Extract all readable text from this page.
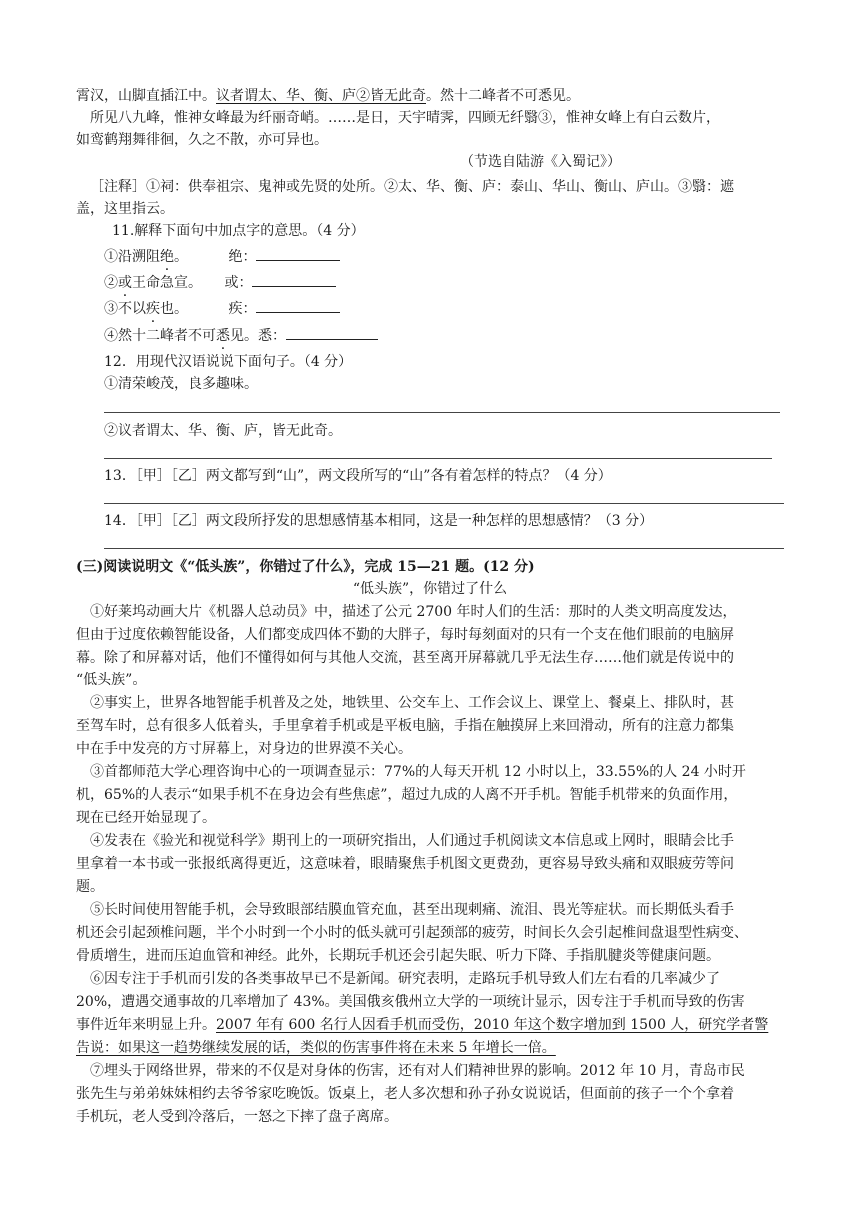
霄汉，山脚直插江中。议者谓太、华、衡、庐②皆无此奇。然十二峰者不可悉见。
所见八九峰，惟神女峰最为纤丽奇峭。……是日，天宇晴霁，四顾无纤翳③，惟神女峰上有白云数片，
如鸾鹤翔舞徘徊，久之不散，亦可异也。
（节选自陆游《入蜀记》）
［注释］①祠：供奉祖宗、鬼神或先贤的处所。②太、华、衡、庐：泰山、华山、衡山、庐山。③翳：遮
盖，这里指云。
11.解释下面句中加点字的意思。（4 分）
①沿溯阻绝。	绝：
②或王命急宣。 或：
③不以疾也。	疾：
④然十二峰者不可悉见。悉：
12．用现代汉语说说下面句子。（4 分）
①清荣峻茂，良多趣味。
②议者谓太、华、衡、庐，皆无此奇。
13．［甲］［乙］两文都写到“山”，两文段所写的“山”各有着怎样的特点？（4 分）
14．［甲］［乙］两文段所抒发的思想感情基本相同，这是一种怎样的思想感情？（3 分）
(三)阅读说明文《“低头族”，你错过了什么》，完成 15—21 题。(12 分)
“低头族”，你错过了什么
①好莱坞动画大片《机器人总动员》中，描述了公元 2700 年时人们的生活：那时的人类文明高度发达，
但由于过度依赖智能设备，人们都变成四体不勤的大胖子，每时每刻面对的只有一个支在他们眼前的电脑屏
幕。除了和屏幕对话，他们不懂得如何与其他人交流，甚至离开屏幕就几乎无法生存……他们就是传说中的
“低头族”。
②事实上，世界各地智能手机普及之处，地铁里、公交车上、工作会议上、课堂上、餐桌上、排队时，甚
至驾车时，总有很多人低着头，手里拿着手机或是平板电脑，手指在触摸屏上来回滑动，所有的注意力都集
中在手中发亮的方寸屏幕上，对身边的世界漠不关心。
③首都师范大学心理咨询中心的一项调查显示：77%的人每天开机 12 小时以上，33.55%的人 24 小时开
机，65%的人表示“如果手机不在身边会有些焦虑”，超过九成的人离不开手机。智能手机带来的负面作用，
现在已经开始显现了。
④发表在《验光和视觉科学》期刊上的一项研究指出，人们通过手机阅读文本信息或上网时，眼睛会比手
里拿着一本书或一张报纸离得更近，这意味着，眼睛聚焦手机图文更费劲，更容易导致头痛和双眼疲劳等问
题。
⑤长时间使用智能手机，会导致眼部结膜血管充血，甚至出现刺痛、流泪、畏光等症状。而长期低头看手
机还会引起颈椎问题，半个小时到一个小时的低头就可引起颈部的疲劳，时间长久会引起椎间盘退型性病变、
骨质增生，进而压迫血管和神经。此外，长期玩手机还会引起失眠、听力下降、手指肌腱炎等健康问题。
⑥因专注于手机而引发的各类事故早已不是新闻。研究表明，走路玩手机导致人们左右看的几率减少了
20%，遭遇交通事故的几率增加了 43%。美国俄亥俄州立大学的一项统计显示，因专注于手机而导致的伤害
事件近年来明显上升。2007 年有 600 名行人因看手机而受伤，2010 年这个数字增加到 1500 人，研究学者警
告说：如果这一趋势继续发展的话，类似的伤害事件将在未来 5 年增长一倍。
⑦埋头于网络世界，带来的不仅是对身体的伤害，还有对人们精神世界的影响。2012 年 10 月，青岛市民
张先生与弟弟妹妹相约去爷爷家吃晚饭。饭桌上，老人多次想和孙子孙女说说话，但面前的孩子一个个拿着
手机玩，老人受到冷落后，一怒之下摔了盘子离席。
